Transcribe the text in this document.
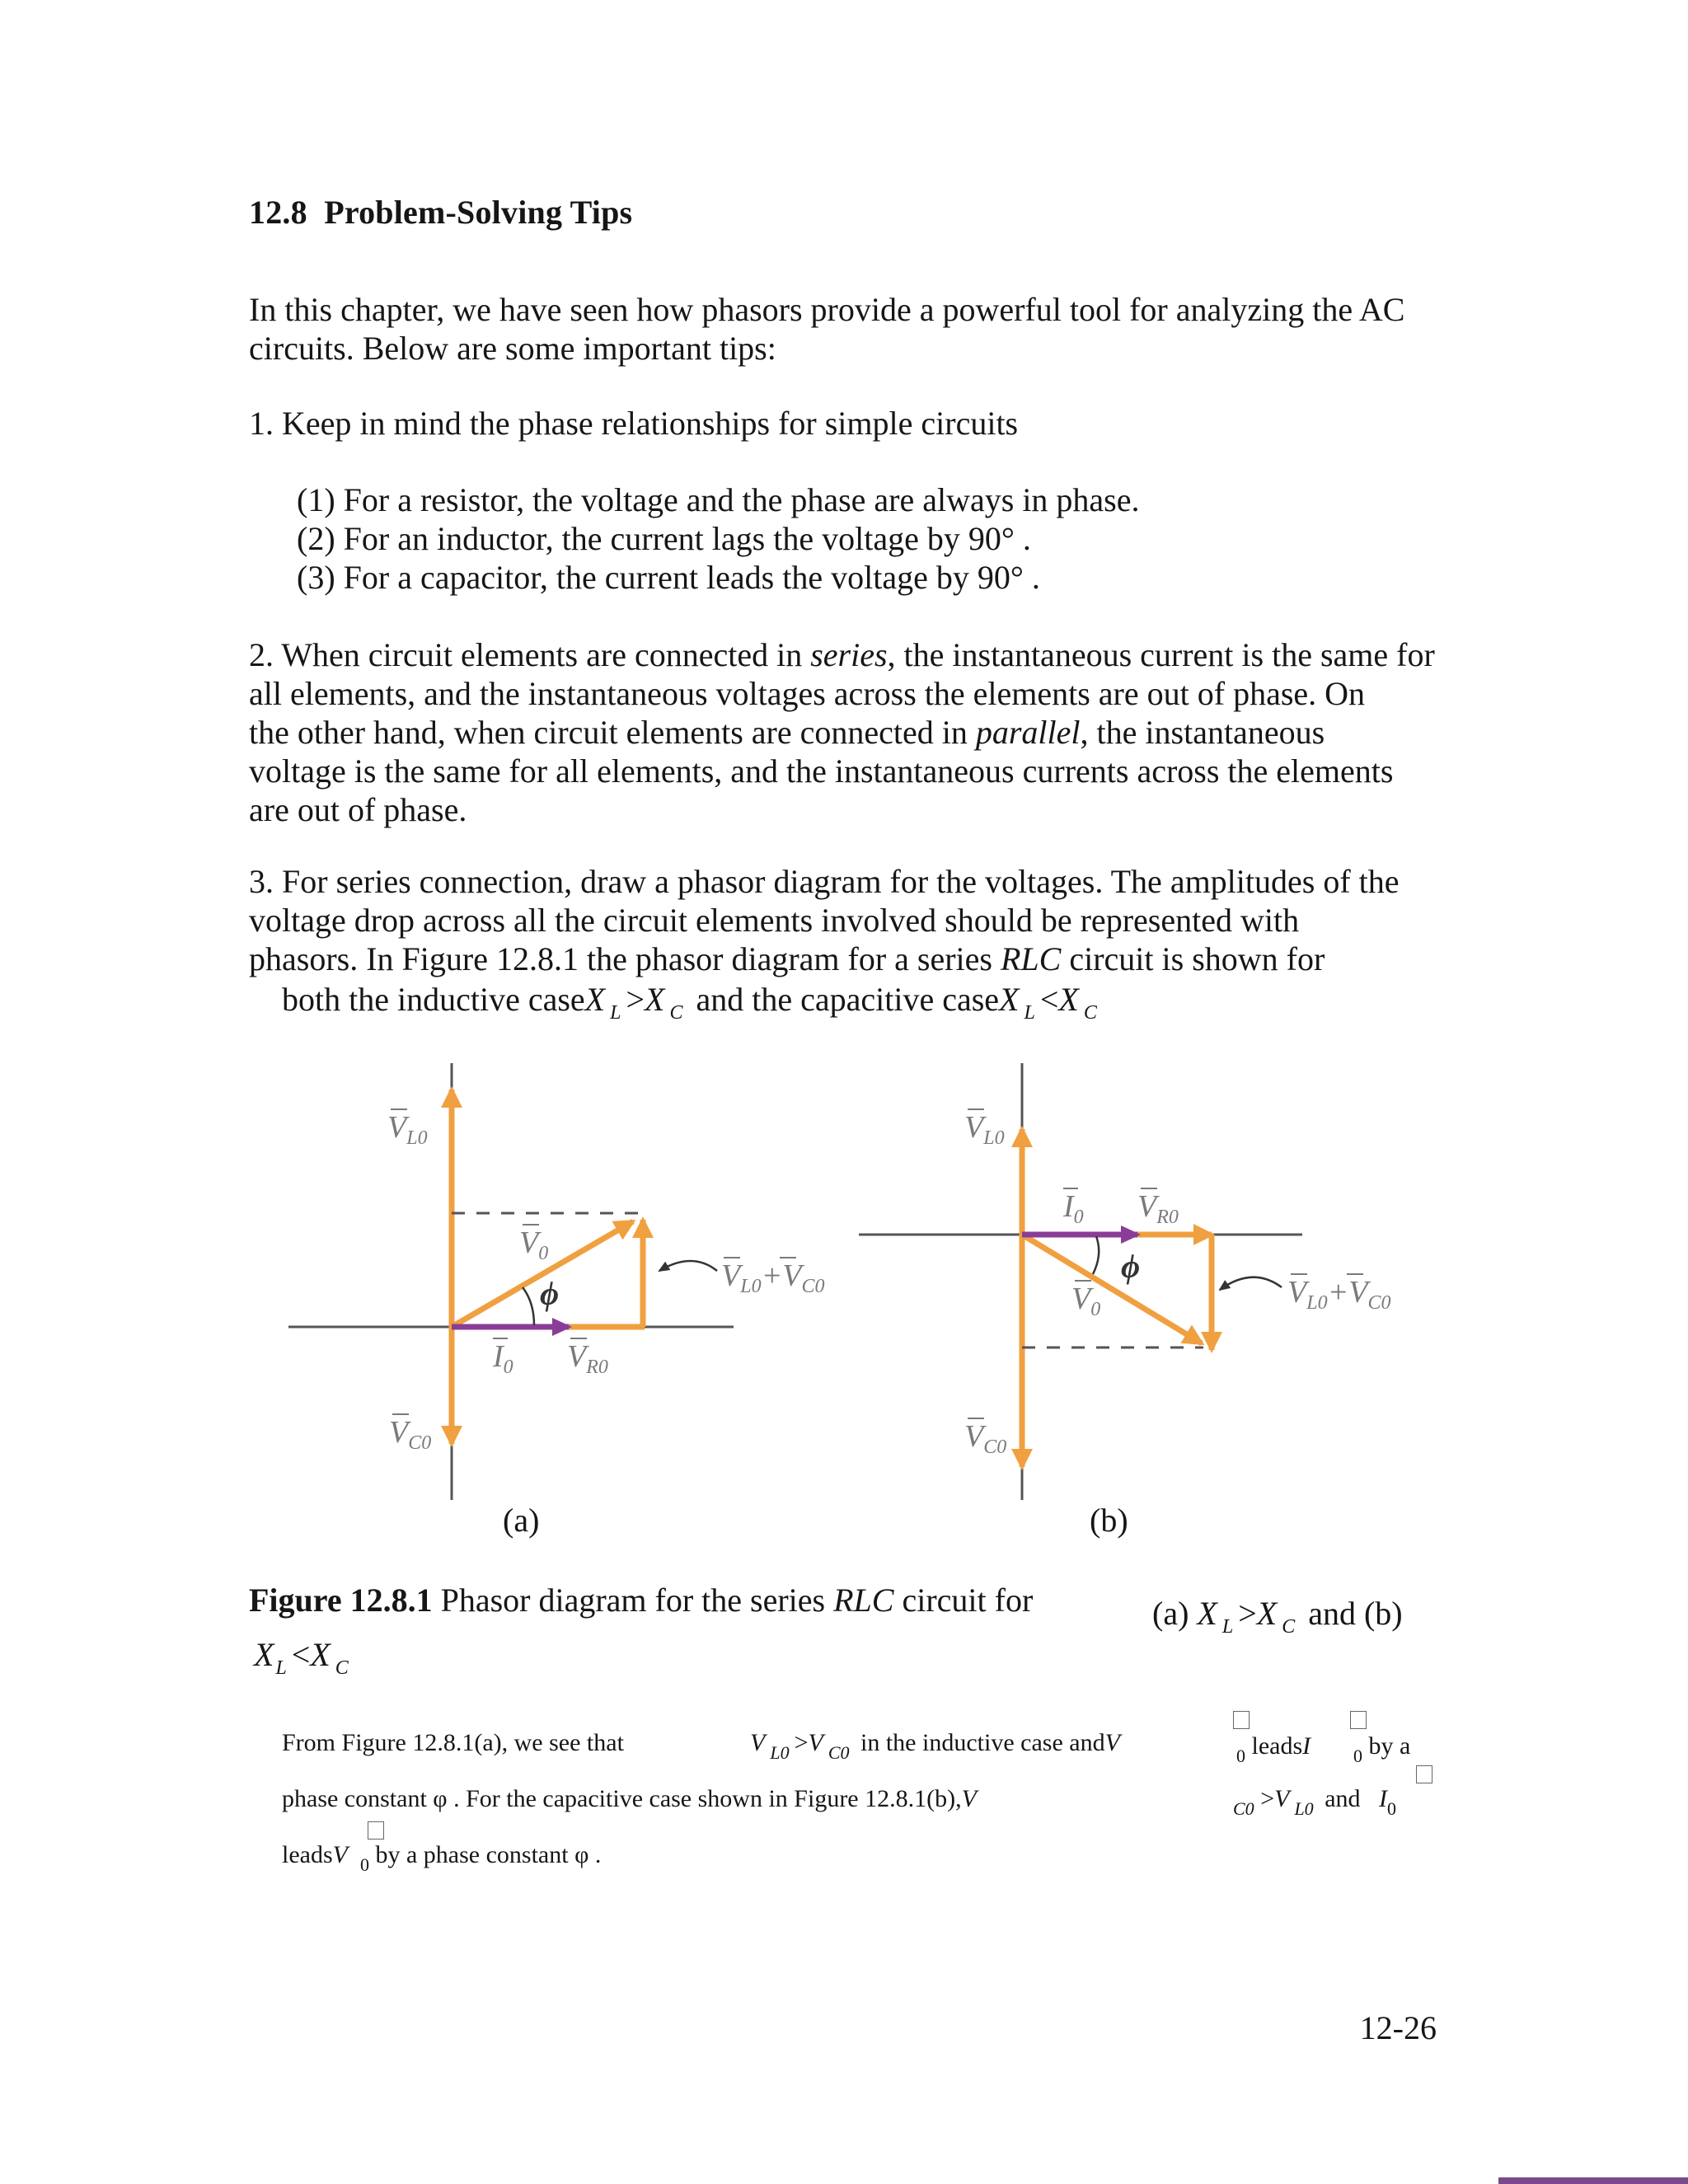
12.8 Problem-Solving Tips
In this chapter, we have seen how phasors provide a powerful tool for analyzing the AC
circuits. Below are some important tips:
1. Keep in mind the phase relationships for simple circuits
(1) For a resistor, the voltage and the phase are always in phase.
(2) For an inductor, the current lags the voltage by 90° .
(3) For a capacitor, the current leads the voltage by 90° .
2. When circuit elements are connected in series, the instantaneous current is the same for
all elements, and the instantaneous voltages across the elements are out of phase. On
the other hand, when circuit elements are connected in parallel, the instantaneous
voltage is the same for all elements, and the instantaneous currents across the elements
are out of phase.
3. For series connection, draw a phasor diagram for the voltages. The amplitudes of the
voltage drop across all the circuit elements involved should be represented with
phasors. In Figure 12.8.1 the phasor diagram for a series RLC circuit is shown for
both the inductive caseX $_L$ >X $_C$ and the capacitive caseX $_L$ <X $_C$
ϕ
$V_{L0}$
$V_{C0}$
$V_0$
$I_0$ $V_{R0}$
$V_{L0}+V_{C0}$
(a)
ϕ
$V_{L0}$
$V_{C0}$
$V_0$
$I_0$ $V_{R0}$
$V_{L0}+V_{C0}$
(b)
Figure 12.8.1 Phasor diagram for the series RLC circuit for	(a) X $_L$ >X $_C$ and (b)
$X_L <X$ $_C$
From Figure 12.8.1(a), we see that	V $_{L0}$ >V $_{C0}$ in the inductive case andV	$_0$ leadsI $_0$ by a
phase constant φ . For the capacitive case shown in Figure 12.8.1(b),V	$_{C0}$ >V $_{L0}$ and $I_0$
leadsV $_0$ by a phase constant φ .
12-26
